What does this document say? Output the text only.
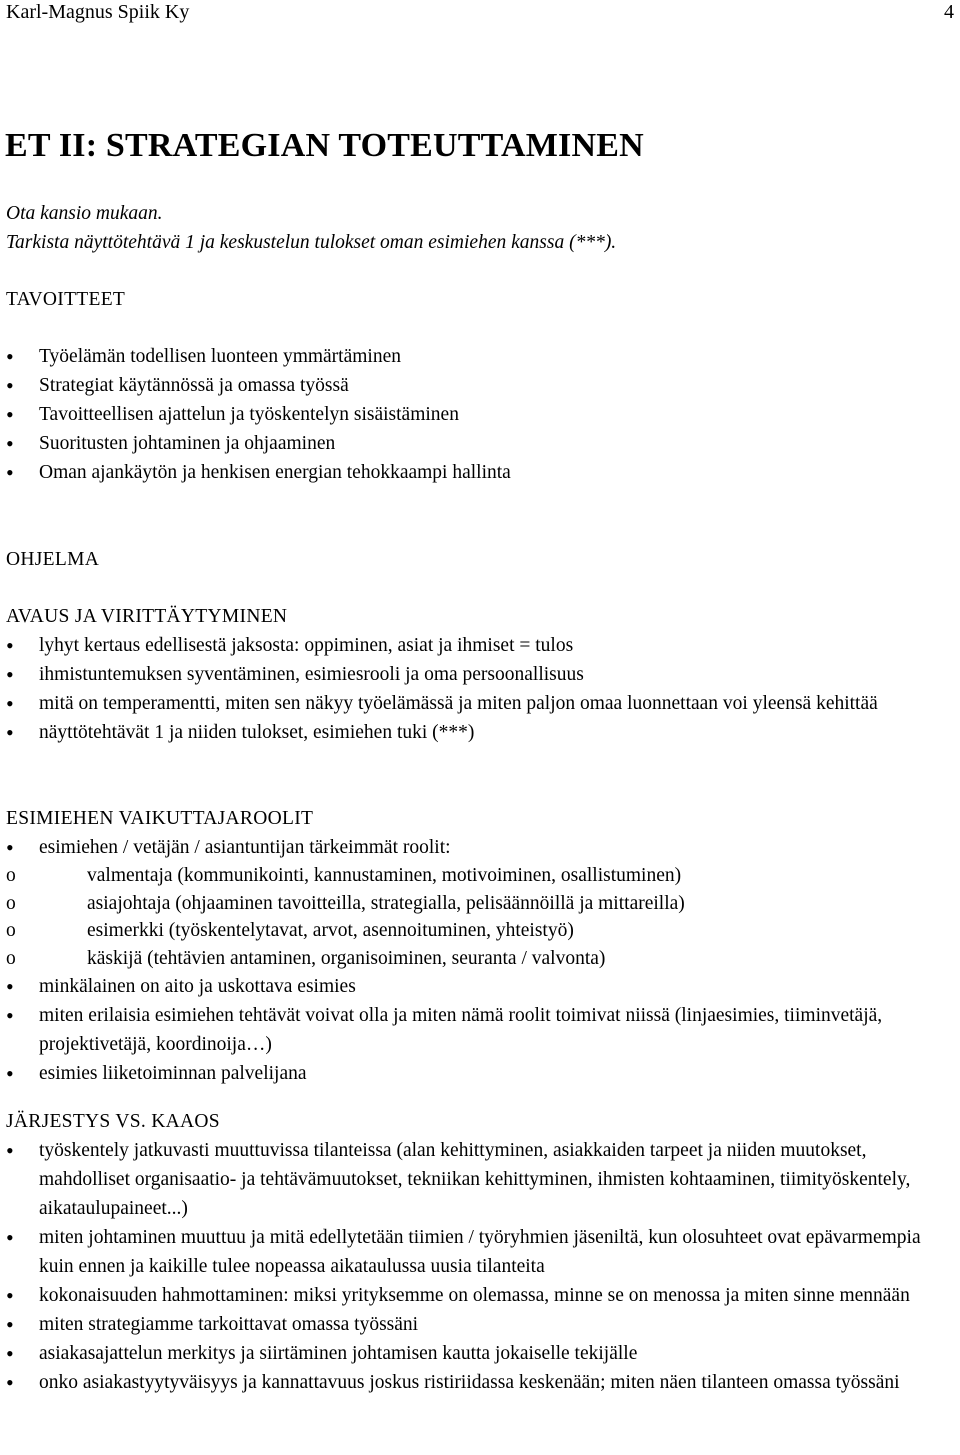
Karl-Magnus Spiik Ky	4
ET II: STRATEGIAN TOTEUTTAMINEN
Ota kansio mukaan.
Tarkista näyttötehtävä 1 ja keskustelun tulokset oman esimiehen kanssa (***).
TAVOITTEET
• Työelämän todellisen luonteen ymmärtäminen
• Strategiat käytännössä ja omassa työssä
• Tavoitteellisen ajattelun ja työskentelyn sisäistäminen
• Suoritusten johtaminen ja ohjaaminen
• Oman ajankäytön ja henkisen energian tehokkaampi hallinta
OHJELMA
AVAUS JA VIRITTÄYTYMINEN
• lyhyt kertaus edellisestä jaksosta: oppiminen, asiat ja ihmiset = tulos
• ihmistuntemuksen syventäminen, esimiesrooli ja oma persoonallisuus
• mitä on temperamentti, miten sen näkyy työelämässä ja miten paljon omaa luonnettaan voi yleensä kehittää
• näyttötehtävät 1 ja niiden tulokset, esimiehen tuki (***)
ESIMIEHEN VAIKUTTAJAROOLIT
• esimiehen / vetäjän / asiantuntijan tärkeimmät roolit:
o valmentaja (kommunikointi, kannustaminen, motivoiminen, osallistuminen)
o asiajohtaja (ohjaaminen tavoitteilla, strategialla, pelisäännöillä ja mittareilla)
o esimerkki (työskentelytavat, arvot, asennoituminen, yhteistyö)
o käskijä (tehtävien antaminen, organisoiminen, seuranta / valvonta)
• minkälainen on aito ja uskottava esimies
• miten erilaisia esimiehen tehtävät voivat olla ja miten nämä roolit toimivat niissä (linjaesimies, tiiminvetäjä, projektivetäjä, koordinoija…)
• esimies liiketoiminnan palvelijana
JÄRJESTYS VS. KAAOS
• työskentely jatkuvasti muuttuvissa tilanteissa (alan kehittyminen, asiakkaiden tarpeet ja niiden muutokset, mahdolliset organisaatio- ja tehtävämuutokset, tekniikan kehittyminen, ihmisten kohtaaminen, tiimityöskentely, aikataulupaineet...)
• miten johtaminen muuttuu ja mitä edellytetään tiimien / työryhmien jäseniltä, kun olosuhteet ovat epävarmempia kuin ennen ja kaikille tulee nopeassa aikataulussa uusia tilanteita
• kokonaisuuden hahmottaminen: miksi yrityksemme on olemassa, minne se on menossa ja miten sinne mennään
• miten strategiamme tarkoittavat omassa työssäni
• asiakasajattelun merkitys ja siirtäminen johtamisen kautta jokaiselle tekijälle
• onko asiakastyytyväisyys ja kannattavuus joskus ristiriidassa keskenään; miten näen tilanteen omassa työssäni
